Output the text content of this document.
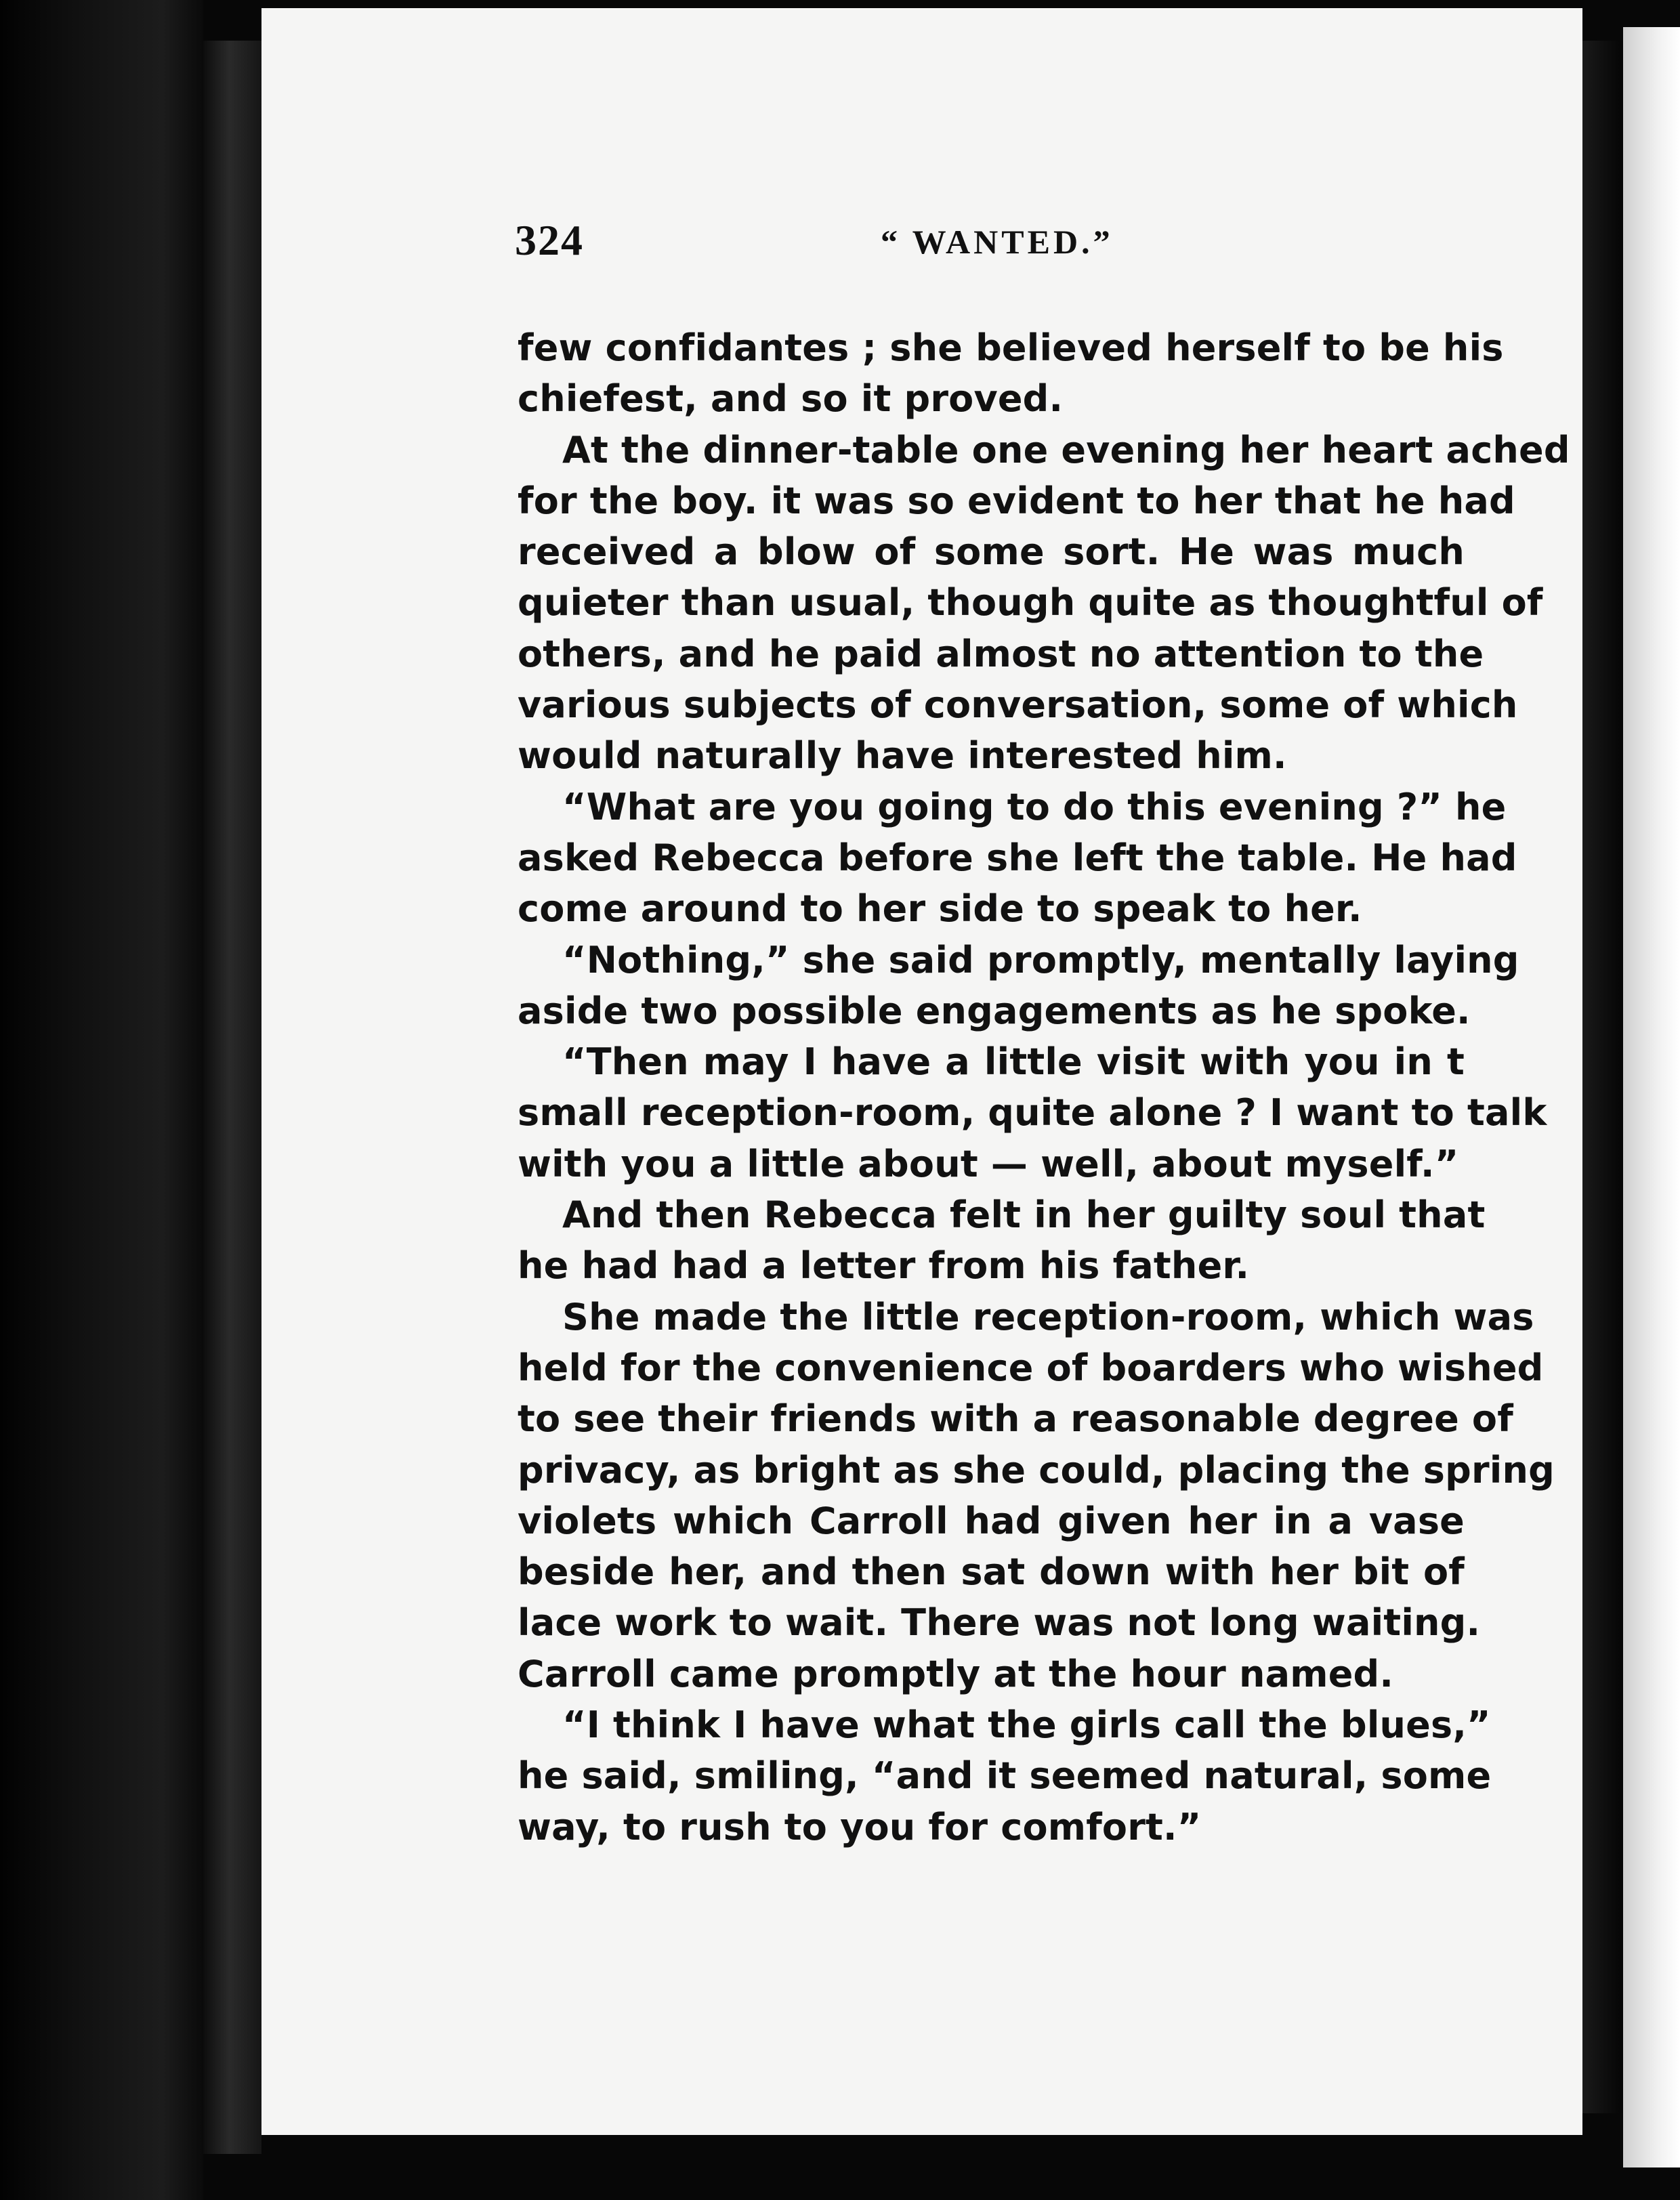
324	“ WANTED.”
few confidantes ; she believed herself to be his
chiefest, and so it proved.
At the dinner-table one evening her heart ached
for the boy. it was so evident to her that he had
received a blow of some sort. He was much
quieter than usual, though quite as thoughtful of
others, and he paid almost no attention to the
various subjects of conversation, some of which
would naturally have interested him.
“What are you going to do this evening ?” he
asked Rebecca before she left the table. He had
come around to her side to speak to her.
“Nothing,” she said promptly, mentally laying
aside two possible engagements as he spoke.
“Then may I have a little visit with you in t
small reception-room, quite alone ? I want to talk
with you a little about — well, about myself.”
And then Rebecca felt in her guilty soul that
he had had a letter from his father.
She made the little reception-room, which was
held for the convenience of boarders who wished
to see their friends with a reasonable degree of
privacy, as bright as she could, placing the spring
violets which Carroll had given her in a vase
beside her, and then sat down with her bit of
lace work to wait. There was not long waiting.
Carroll came promptly at the hour named.
“I think I have what the girls call the blues,”
he said, smiling, “and it seemed natural, some
way, to rush to you for comfort.”
